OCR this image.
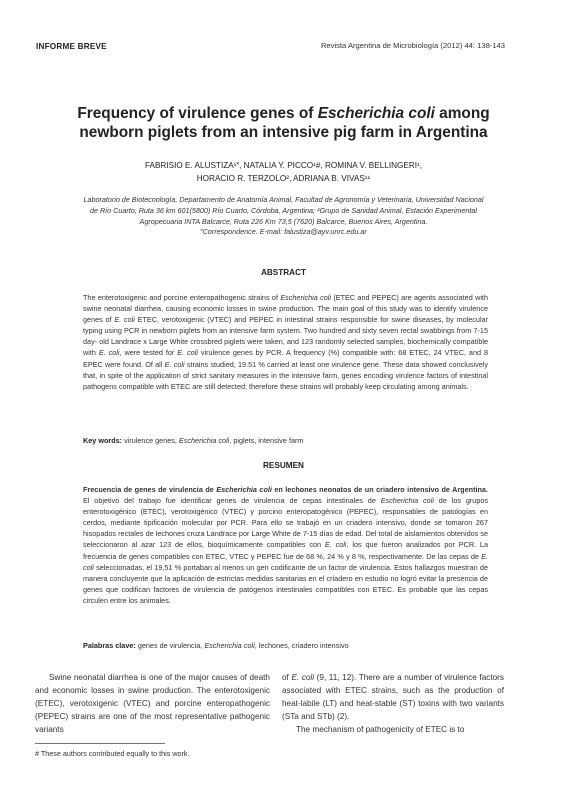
INFORME BREVE	Revista Argentina de Microbiología (2012) 44: 138-143
Frequency of virulence genes of Escherichia coli among
newborn piglets from an intensive pig farm in Argentina
FABRISIO E. ALUSTIZA¹˟, NATALIA Y. PICCO¹#, ROMINA V. BELLINGERI¹,
HORACIO R. TERZOLO², ADRIANA B. VIVAS¹¹
Laboratorio de Biotecnología, Departamento de Anatomía Animal, Facultad de Agronomía y Veterinaria, Universidad Nacional
de Río Cuarto, Ruta 36 km 601(5800) Río Cuarto, Córdoba, Argentina; ²Grupo de Sanidad Animal, Estación Experimental
Agropecuaria INTA Balcarce, Ruta 226 Km 73,5 (7620) Balcarce, Buenos Aires, Argentina.
˟Correspondence. E-mail: falustiza@ayv.unrc.edu.ar
ABSTRACT

The enterotoxigenic and porcine enteropathogenic strains of Escherichia coli (ETEC and PEPEC) are agents associated with swine neonatal diarrhea, causing economic losses in swine production. The main goal of this study was to identify virulence genes of E. coli ETEC, verotoxigenic (VTEC) and PEPEC in intestinal strains responsible for swine diseases, by molecular typing using PCR in newborn piglets from an intensive farm system. Two hundred and sixty seven rectal swabbings from 7-15 day- old Landrace x Large White crossbred piglets were taken, and 123 randomly selected samples, biochemically compatible with E. coli, were tested for E. coli virulence genes by PCR. A frequency (%) compatible with: 68 ETEC, 24 VTEC, and 8 EPEC were found. Of all E. coli strains studied, 19.51 % carried at least one virulence gene. These data showed conclusively that, in spite of the application of strict sanitary measures in the intensive farm, genes encoding virulence factors of intestinal pathogens compatible with ETEC are still detected; therefore these strains will probably keep circulating among animals.

Key words: virulence genes, Escherichia coli, piglets, intensive farm
RESUMEN

Frecuencia de genes de virulencia de Escherichia coli en lechones neonatos de un criadero intensivo de Argentina. El objetivo del trabajo fue identificar genes de virulencia de cepas intestinales de Escherichia coli de los grupos enterotoxigénico (ETEC), verotoxigénico (VTEC) y porcino enteropatogénico (PEPEC), responsables de patologías en cerdos, mediante tipificación molecular por PCR. Para ello se trabajó en un criadero intensivo, donde se tomaron 267 hisopados rectales de lechones cruza Landrace por Large White de 7-15 días de edad. Del total de aislamientos obtenidos se seleccionaron al azar 123 de ellos, bioquímicamente compatibles con E. coli, los que fueron analizados por PCR. La frecuencia de genes compatibles con ETEC, VTEC y PEPEC fue de 68 %, 24 % y 8 %, respectivamente. De las cepas de E. coli seleccionadas, el 19,51 % portaban al menos un gen codificante de un factor de virulencia. Estos hallazgos muestran de manera concluyente que la aplicación de estrictas medidas sanitarias en el criadero en estudio no logró evitar la presencia de genes que codifican factores de virulencia de patógenos intestinales compatibles con ETEC. Es probable que las cepas circulen entre los animales.

Palabras clave: genes de virulencia, Escherichia coli, lechones, criadero intensivo

Swine neonatal diarrhea is one of the major causes of death and economic losses in swine production. The enterotoxigenic (ETEC), verotoxigenic (VTEC) and porcine enteropathogenic (PEPEC) strains are one of the most representative pathogenic variants

of E. coli (9, 11, 12). There are a number of virulence factors associated with ETEC strains, such as the production of heat-labile (LT) and heat-stable (ST) toxins with two variants (STa and STb) (2).

The mechanism of pathogenicity of ETEC is to

# These authors contributed equally to this work.
